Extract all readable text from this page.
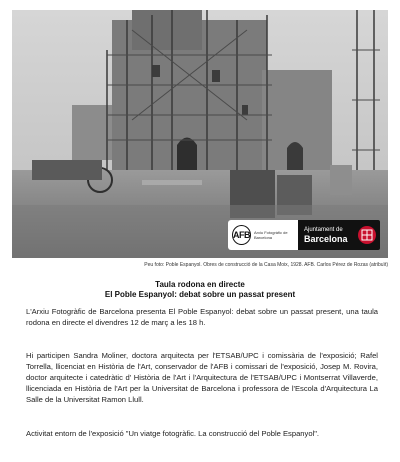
AFB Arxiu Fotogràfic de Barcelona
Ajuntament de
Barcelona
Peu foto: Poble Espanyol. Obres de construcció de la Casa Moix, 1928. AFB. Carlos Pérez de Rozas (atribuït)
Taula rodona en directe
El Poble Espanyol: debat sobre un passat present

L'Arxiu Fotogràfic de Barcelona presenta El Poble Espanyol: debat sobre un passat present, una taula rodona en directe el divendres 12 de març a les 18 h.

Hi participen Sandra Moliner, doctora arquitecta per l'ETSAB/UPC i comissària de l'exposició; Rafel Torrella, llicenciat en Història de l'Art, conservador de l'AFB i comissari de l'exposició, Josep M. Rovira, doctor arquitecte i catedràtic d' Història de l'Art i l'Arquitectura de l'ETSAB/UPC i Montserrat Villaverde, llicenciada en Història de l'Art per la Universitat de Barcelona i professora de l'Escola d'Arquitectura La Salle de la Universitat Ramon Llull.

Activitat entorn de l'exposició "Un viatge fotogràfic. La construcció del Poble Espanyol".
